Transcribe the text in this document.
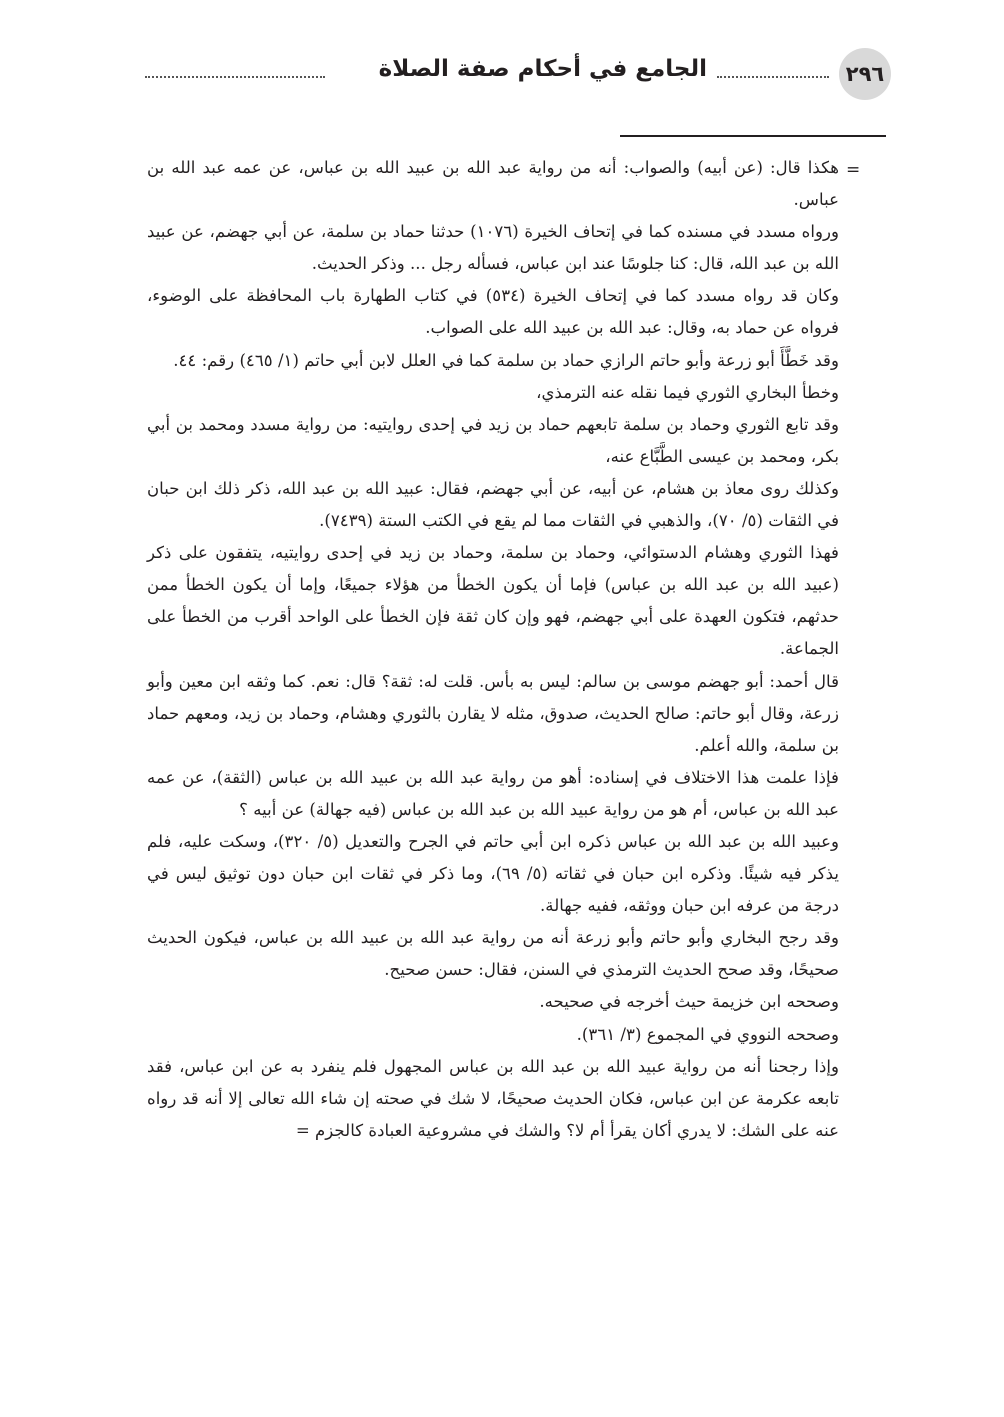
٢٩٦
الجامع في أحكام صفة الصلاة
=

هكذا قال: (عن أبيه) والصواب: أنه من رواية عبد الله بن عبيد الله بن عباس، عن عمه عبد الله بن عباس.

ورواه مسدد في مسنده كما في إتحاف الخيرة (١٠٧٦) حدثنا حماد بن سلمة، عن أبي جهضم، عن عبيد الله بن عبد الله، قال: كنا جلوسًا عند ابن عباس، فسأله رجل ... وذكر الحديث.

وكان قد رواه مسدد كما في إتحاف الخيرة (٥٣٤) في كتاب الطهارة باب المحافظة على الوضوء، فرواه عن حماد به، وقال: عبد الله بن عبيد الله على الصواب.

وقد خَطَّأَ أبو زرعة وأبو حاتم الرازي حماد بن سلمة كما في العلل لابن أبي حاتم (١/ ٤٦٥) رقم: ٤٤.

وخطأ البخاري الثوري فيما نقله عنه الترمذي،

وقد تابع الثوري وحماد بن سلمة تابعهم حماد بن زيد في إحدى روايتيه: من رواية مسدد ومحمد بن أبي بكر، ومحمد بن عيسى الطَّبَّاع عنه،

وكذلك روى معاذ بن هشام، عن أبيه، عن أبي جهضم، فقال: عبيد الله بن عبد الله، ذكر ذلك ابن حبان في الثقات (٥/ ٧٠)، والذهبي في الثقات مما لم يقع في الكتب الستة (٧٤٣٩).

فهذا الثوري وهشام الدستوائي، وحماد بن سلمة، وحماد بن زيد في إحدى روايتيه، يتفقون على ذكر (عبيد الله بن عبد الله بن عباس) فإما أن يكون الخطأ من هؤلاء جميعًا، وإما أن يكون الخطأ ممن حدثهم، فتكون العهدة على أبي جهضم، فهو وإن كان ثقة فإن الخطأ على الواحد أقرب من الخطأ على الجماعة.

قال أحمد: أبو جهضم موسى بن سالم: ليس به بأس. قلت له: ثقة؟ قال: نعم. كما وثقه ابن معين وأبو زرعة، وقال أبو حاتم: صالح الحديث، صدوق، مثله لا يقارن بالثوري وهشام، وحماد بن زيد، ومعهم حماد بن سلمة، والله أعلم.

فإذا علمت هذا الاختلاف في إسناده: أهو من رواية عبد الله بن عبيد الله بن عباس (الثقة)، عن عمه عبد الله بن عباس، أم هو من رواية عبيد الله بن عبد الله بن عباس (فيه جهالة) عن أبيه ؟

وعبيد الله بن عبد الله بن عباس ذكره ابن أبي حاتم في الجرح والتعديل (٥/ ٣٢٠)، وسكت عليه، فلم يذكر فيه شيئًا. وذكره ابن حبان في ثقاته (٥/ ٦٩)، وما ذكر في ثقات ابن حبان دون توثيق ليس في درجة من عرفه ابن حبان ووثقه، ففيه جهالة.

وقد رجح البخاري وأبو حاتم وأبو زرعة أنه من رواية عبد الله بن عبيد الله بن عباس، فيكون الحديث صحيحًا، وقد صحح الحديث الترمذي في السنن، فقال: حسن صحيح.

وصححه ابن خزيمة حيث أخرجه في صحيحه.

وصححه النووي في المجموع (٣/ ٣٦١).

وإذا رجحنا أنه من رواية عبيد الله بن عبد الله بن عباس المجهول فلم ينفرد به عن ابن عباس، فقد تابعه عكرمة عن ابن عباس، فكان الحديث صحيحًا، لا شك في صحته إن شاء الله تعالى إلا أنه قد رواه عنه على الشك: لا يدري أكان يقرأ أم لا؟ والشك في مشروعية العبادة كالجزم =
